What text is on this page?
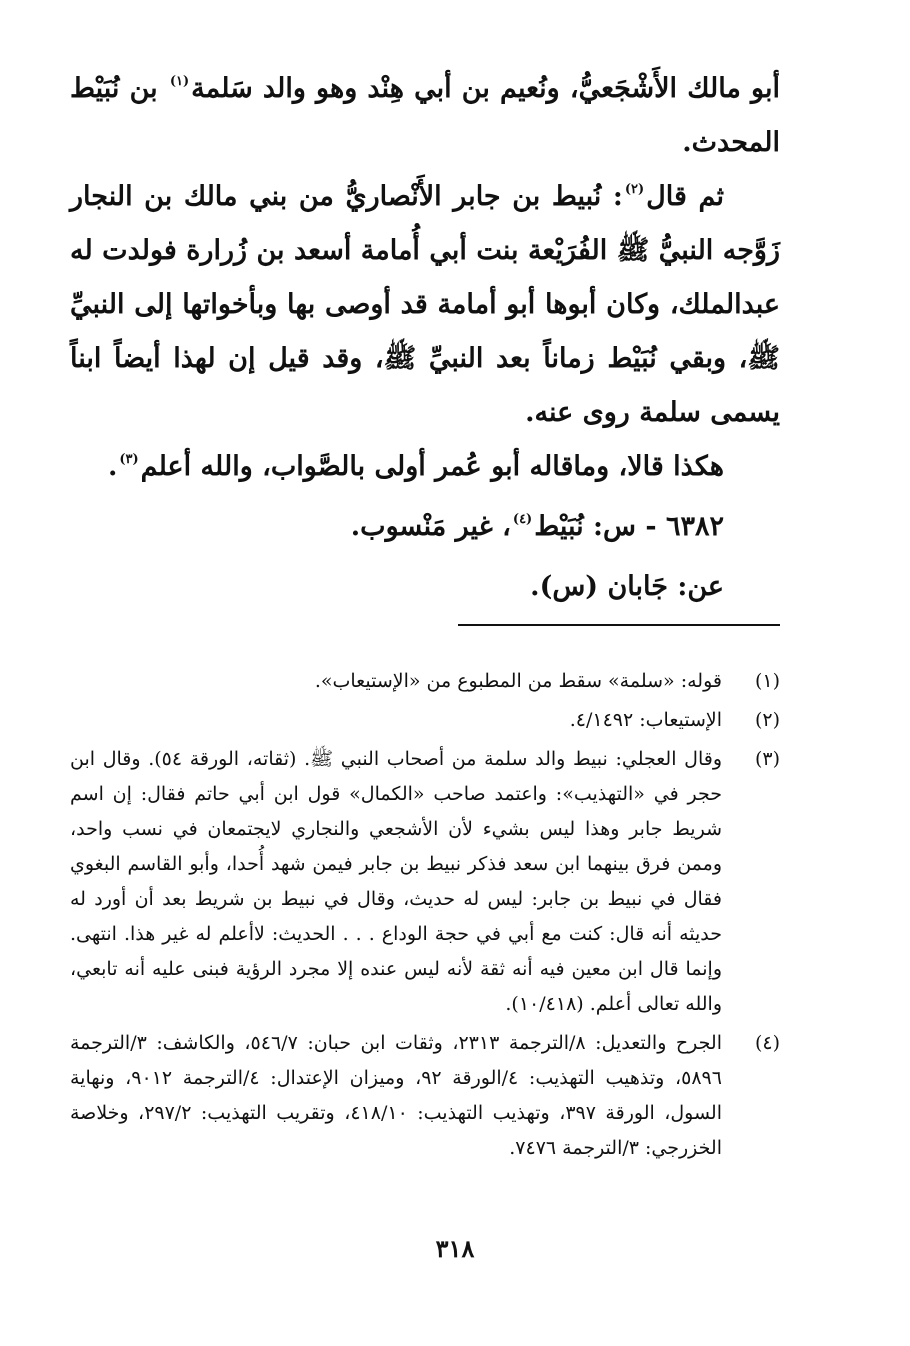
أبو مالك الأَشْجَعيُّ، ونُعيم بن أبي هِنْد وهو والد سَلمة$^{(١)}$ بن نُبَيْط المحدث.

ثم قال$^{(٢)}$: نُبيط بن جابر الأَنْصاريُّ من بني مالك بن النجار زَوَّجه النبيُّ ﷺ الفُرَيْعة بنت أبي أُمامة أسعد بن زُرارة فولدت له عبدالملك، وكان أبوها أبو أمامة قد أوصى بها وبأخواتها إلى النبيِّ ﷺ، وبقي نُبَيْط زماناً بعد النبيِّ ﷺ، وقد قيل إن لهذا أيضاً ابناً يسمى سلمة روى عنه.

هكذا قالا، وماقاله أبو عُمر أولى بالصَّواب، والله أعلم$^{(٣)}$.

٦٣٨٢ - س: نُبَيْط$^{(٤)}$، غير مَنْسوب.

عن: جَابان (س).

(١)
قوله: «سلمة» سقط من المطبوع من «الإستيعاب».
(٢)
الإستيعاب: ٤/١٤٩٢.
(٣)
وقال العجلي: نبيط والد سلمة من أصحاب النبي ﷺ. (ثقاته، الورقة ٥٤). وقال ابن حجر في «التهذيب»: واعتمد صاحب «الكمال» قول ابن أبي حاتم فقال: إن اسم شريط جابر وهذا ليس بشيء لأن الأشجعي والنجاري لايجتمعان في نسب واحد، وممن فرق بينهما ابن سعد فذكر نبيط بن جابر فيمن شهد أُحدا، وأبو القاسم البغوي فقال في نبيط بن جابر: ليس له حديث، وقال في نبيط بن شريط بعد أن أورد له حديثه أنه قال: كنت مع أبي في حجة الوداع . . . الحديث: لاأعلم له غير هذا. انتهى. وإنما قال ابن معين فيه أنه ثقة لأنه ليس عنده إلا مجرد الرؤية فبنى عليه أنه تابعي، والله تعالى أعلم. (١٠/٤١٨).
(٤)
الجرح والتعديل: ٨/الترجمة ٢٣١٣، وثقات ابن حبان: ٥٤٦/٧، والكاشف: ٣/الترجمة ٥٨٩٦، وتذهيب التهذيب: ٤/الورقة ٩٢، وميزان الإعتدال: ٤/الترجمة ٩٠١٢، ونهاية السول، الورقة ٣٩٧، وتهذيب التهذيب: ٤١٨/١٠، وتقريب التهذيب: ٢٩٧/٢، وخلاصة الخزرجي: ٣/الترجمة ٧٤٧٦.
٣١٨
